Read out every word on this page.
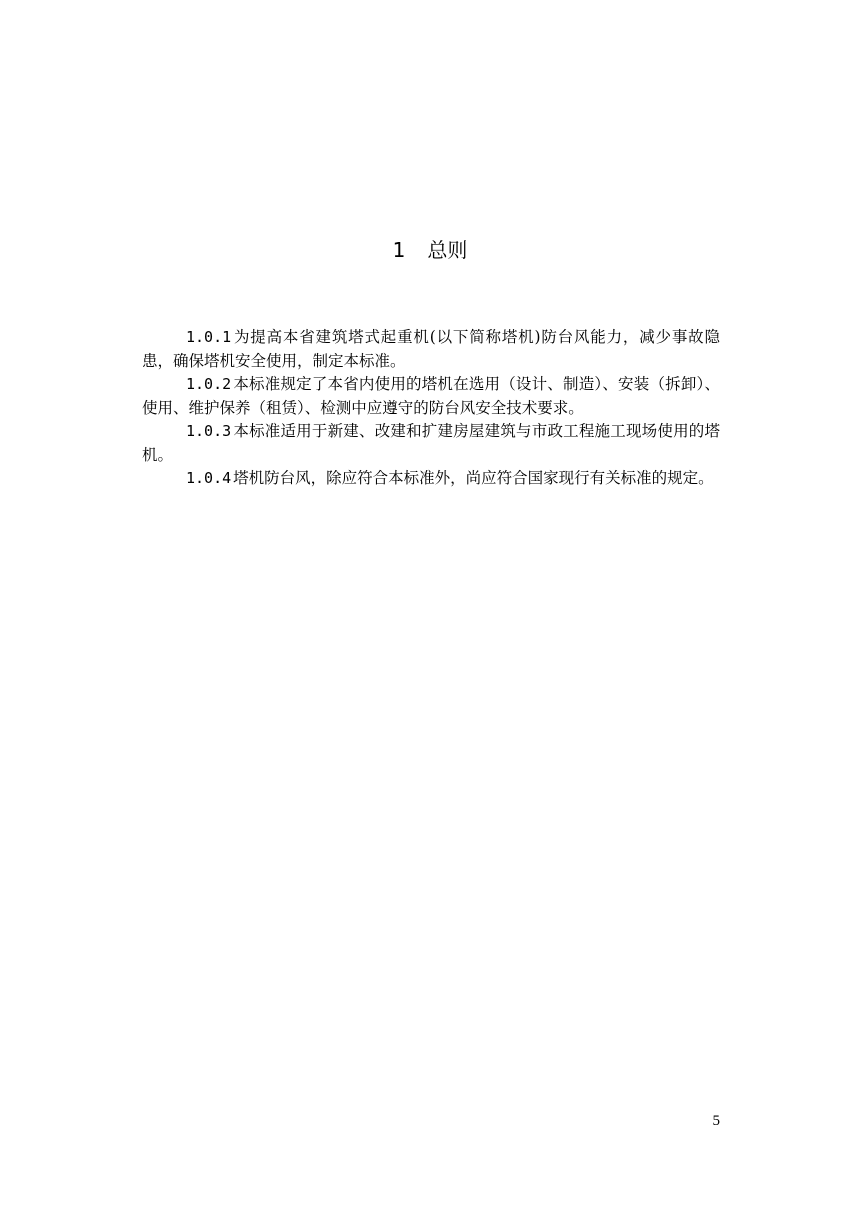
1 总则

1.0.1 为提高本省建筑塔式起重机(以下简称塔机)防台风能力，减少事故隐患，确保塔机安全使用，制定本标准。

1.0.2 本标准规定了本省内使用的塔机在选用（设计、制造）、安装（拆卸）、使用、维护保养（租赁）、检测中应遵守的防台风安全技术要求。

1.0.3 本标准适用于新建、改建和扩建房屋建筑与市政工程施工现场使用的塔机。

1.0.4 塔机防台风，除应符合本标准外，尚应符合国家现行有关标准的规定。

5
